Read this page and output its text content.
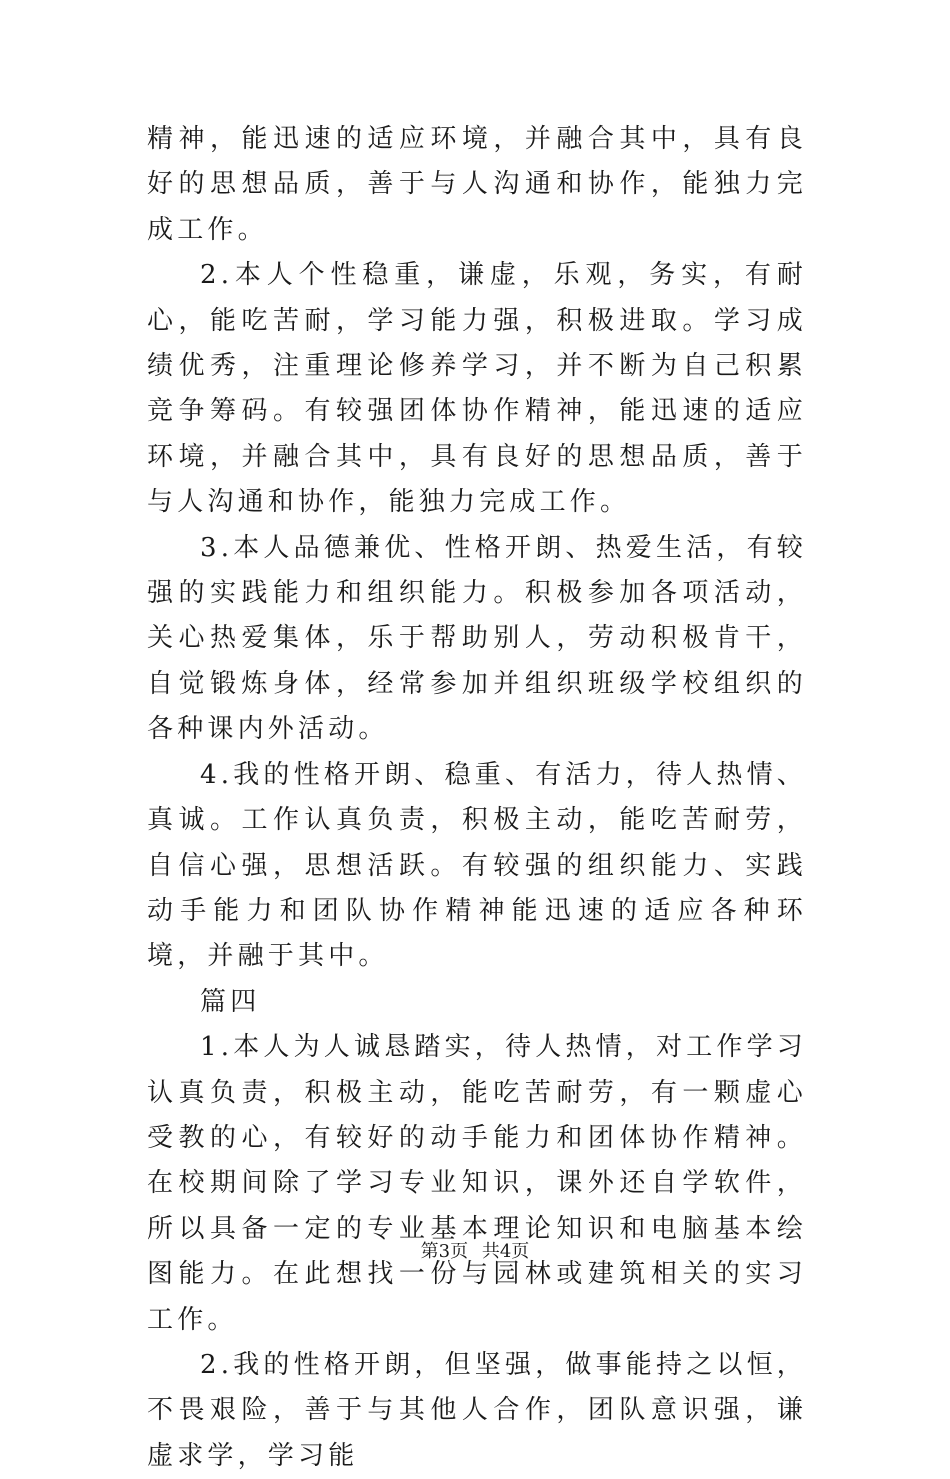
精神，能迅速的适应环境，并融合其中，具有良好的思想品质，善于与人沟通和协作，能独力完成工作。

2.本人个性稳重，谦虚，乐观，务实，有耐心，能吃苦耐，学习能力强，积极进取。学习成绩优秀，注重理论修养学习，并不断为自己积累竞争筹码。有较强团体协作精神，能迅速的适应环境，并融合其中，具有良好的思想品质，善于与人沟通和协作，能独力完成工作。

3.本人品德兼优、性格开朗、热爱生活，有较强的实践能力和组织能力。积极参加各项活动，关心热爱集体，乐于帮助别人，劳动积极肯干，自觉锻炼身体，经常参加并组织班级学校组织的各种课内外活动。

4.我的性格开朗、稳重、有活力，待人热情、真诚。工作认真负责，积极主动，能吃苦耐劳，自信心强，思想活跃。有较强的组织能力、实践动手能力和团队协作精神能迅速的适应各种环境，并融于其中。

篇四

1.本人为人诚恳踏实，待人热情，对工作学习认真负责，积极主动，能吃苦耐劳，有一颗虚心受教的心，有较好的动手能力和团体协作精神。在校期间除了学习专业知识，课外还自学软件，所以具备一定的专业基本理论知识和电脑基本绘图能力。在此想找一份与园林或建筑相关的实习工作。

2.我的性格开朗，但坚强，做事能持之以恒，不畏艰险，善于与其他人合作，团队意识强，谦虚求学，学习能

第3页 共4页
